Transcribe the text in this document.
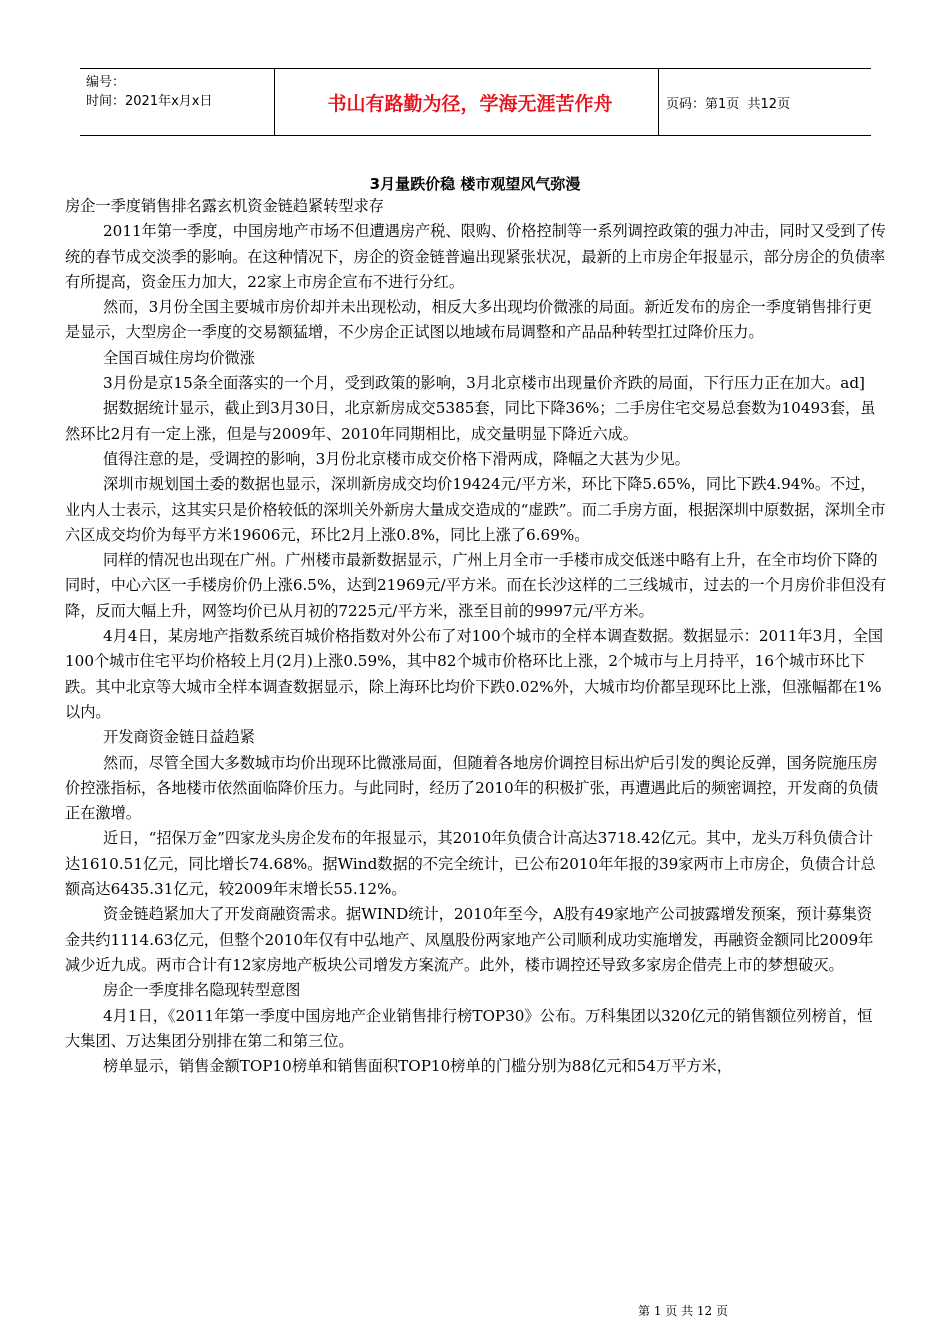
编号：
时间：2021年x月x日	书山有路勤为径，学海无涯苦作舟	页码：第1页  共12页
3月量跌价稳 楼市观望风气弥漫

房企一季度销售排名露玄机资金链趋紧转型求存

2011年第一季度，中国房地产市场不但遭遇房产税、限购、价格控制等一系列调控政策的强力冲击，同时又受到了传统的春节成交淡季的影响。在这种情况下，房企的资金链普遍出现紧张状况，最新的上市房企年报显示，部分房企的负债率有所提高，资金压力加大，22家上市房企宣布不进行分红。

然而，3月份全国主要城市房价却并未出现松动，相反大多出现均价微涨的局面。新近发布的房企一季度销售排行更是显示，大型房企一季度的交易额猛增，不少房企正试图以地域布局调整和产品品种转型扛过降价压力。

全国百城住房均价微涨

3月份是京15条全面落实的一个月，受到政策的影响，3月北京楼市出现量价齐跌的局面，下行压力正在加大。ad]

据数据统计显示，截止到3月30日，北京新房成交5385套，同比下降36%；二手房住宅交易总套数为10493套，虽然环比2月有一定上涨，但是与2009年、2010年同期相比，成交量明显下降近六成。

值得注意的是，受调控的影响，3月份北京楼市成交价格下滑两成，降幅之大甚为少见。

深圳市规划国土委的数据也显示，深圳新房成交均价19424元/平方米，环比下降5.65%，同比下跌4.94%。不过，业内人士表示，这其实只是价格较低的深圳关外新房大量成交造成的“虚跌”。而二手房方面，根据深圳中原数据，深圳全市六区成交均价为每平方米19606元，环比2月上涨0.8%，同比上涨了6.69%。

同样的情况也出现在广州。广州楼市最新数据显示，广州上月全市一手楼市成交低迷中略有上升，在全市均价下降的同时，中心六区一手楼房价仍上涨6.5%，达到21969元/平方米。而在长沙这样的二三线城市，过去的一个月房价非但没有降，反而大幅上升，网签均价已从月初的7225元/平方米，涨至目前的9997元/平方米。

4月4日，某房地产指数系统百城价格指数对外公布了对100个城市的全样本调查数据。数据显示：2011年3月，全国100个城市住宅平均价格较上月(2月)上涨0.59%，其中82个城市价格环比上涨，2个城市与上月持平，16个城市环比下跌。其中北京等大城市全样本调查数据显示，除上海环比均价下跌0.02%外，大城市均价都呈现环比上涨，但涨幅都在1%以内。

开发商资金链日益趋紧

然而，尽管全国大多数城市均价出现环比微涨局面，但随着各地房价调控目标出炉后引发的舆论反弹，国务院施压房价控涨指标，各地楼市依然面临降价压力。与此同时，经历了2010年的积极扩张，再遭遇此后的频密调控，开发商的负债正在激增。

近日，“招保万金”四家龙头房企发布的年报显示，其2010年负债合计高达3718.42亿元。其中，龙头万科负债合计达1610.51亿元，同比增长74.68%。据Wind数据的不完全统计，已公布2010年年报的39家两市上市房企，负债合计总额高达6435.31亿元，较2009年末增长55.12%。

资金链趋紧加大了开发商融资需求。据WIND统计，2010年至今，A股有49家地产公司披露增发预案，预计募集资金共约1114.63亿元，但整个2010年仅有中弘地产、凤凰股份两家地产公司顺利成功实施增发，再融资金额同比2009年减少近九成。两市合计有12家房地产板块公司增发方案流产。此外，楼市调控还导致多家房企借壳上市的梦想破灭。

房企一季度排名隐现转型意图

4月1日，《2011年第一季度中国房地产企业销售排行榜TOP30》公布。万科集团以320亿元的销售额位列榜首，恒大集团、万达集团分别排在第二和第三位。

榜单显示，销售金额TOP10榜单和销售面积TOP10榜单的门槛分别为88亿元和54万平方米，

第 1 页 共 12 页
